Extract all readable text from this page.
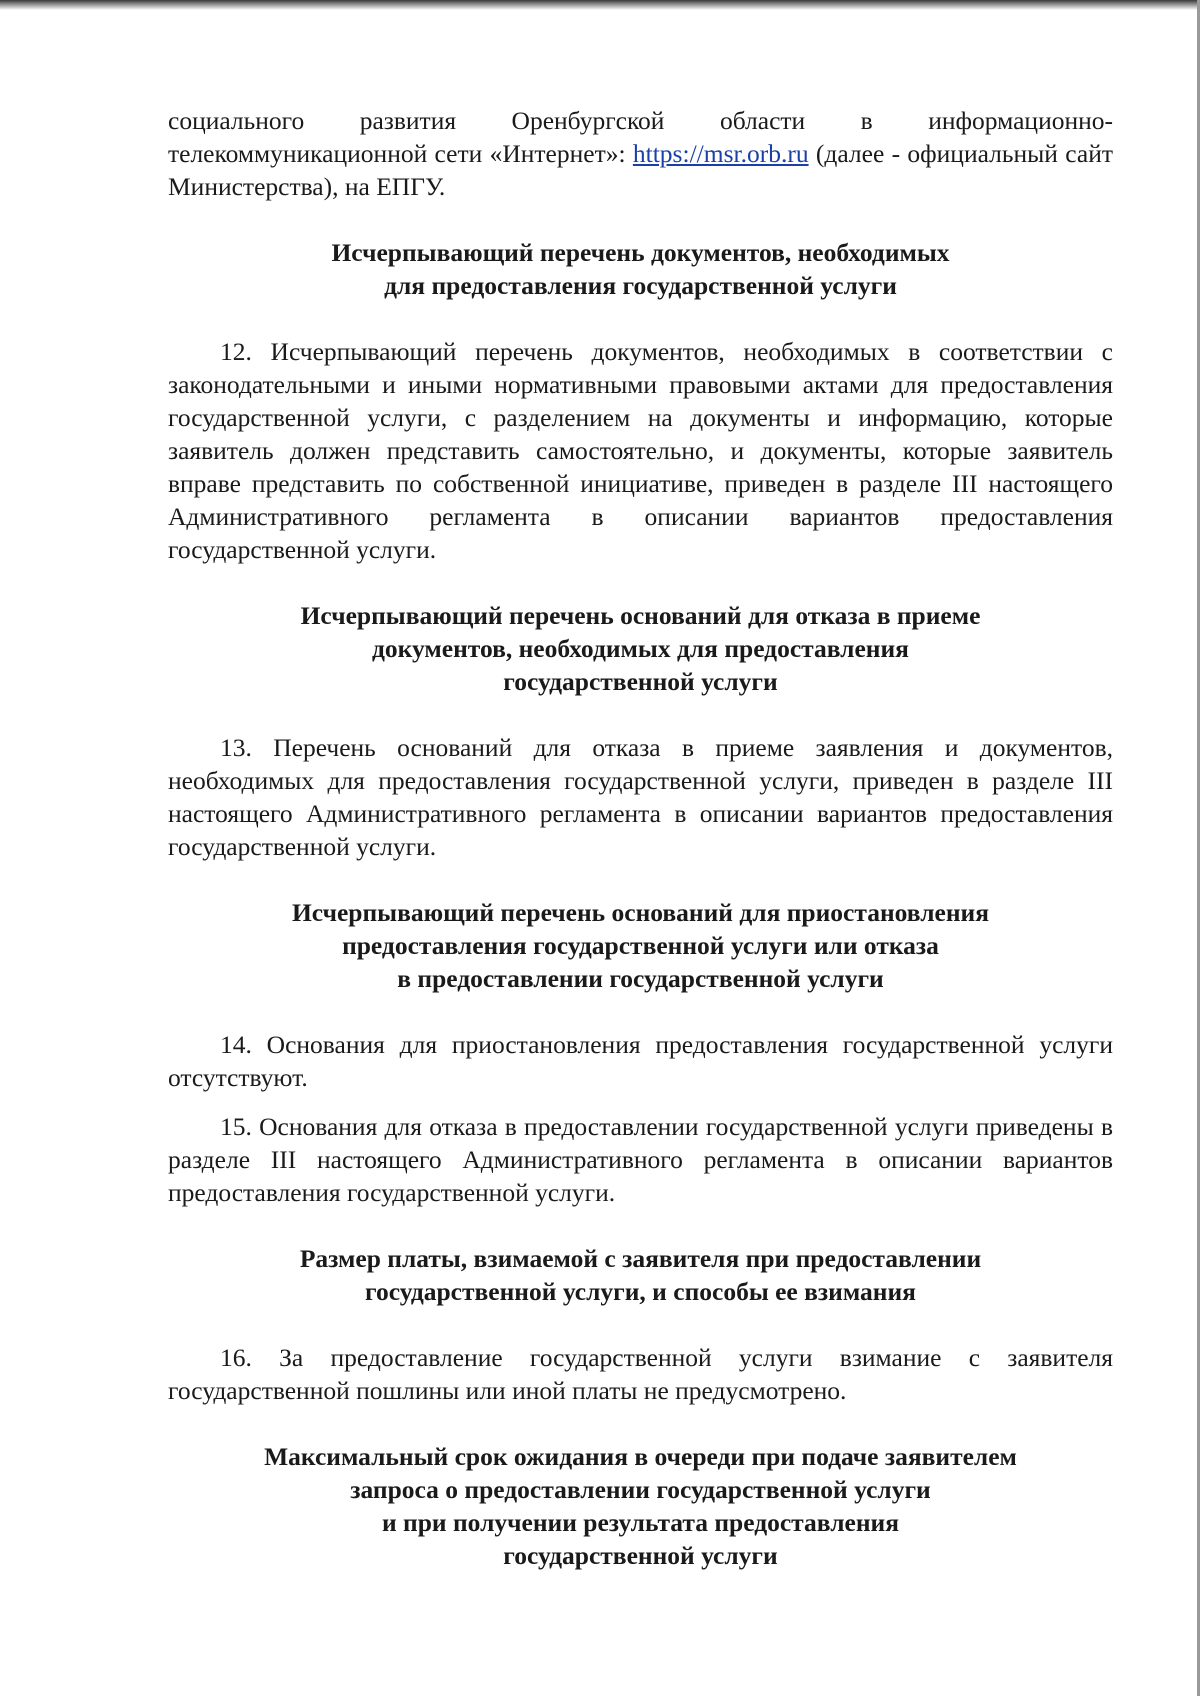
социального развития Оренбургской области в информационно-телекоммуникационной сети «Интернет»: https://msr.orb.ru (далее - официальный сайт Министерства), на ЕПГУ.

Исчерпывающий перечень документов, необходимых
для предоставления государственной услуги

12. Исчерпывающий перечень документов, необходимых в соответствии с законодательными и иными нормативными правовыми актами для предоставления государственной услуги, с разделением на документы и информацию, которые заявитель должен представить самостоятельно, и документы, которые заявитель вправе представить по собственной инициативе, приведен в разделе III настоящего Административного регламента в описании вариантов предоставления государственной услуги.

Исчерпывающий перечень оснований для отказа в приеме
документов, необходимых для предоставления
государственной услуги

13. Перечень оснований для отказа в приеме заявления и документов, необходимых для предоставления государственной услуги, приведен в разделе III настоящего Административного регламента в описании вариантов предоставления государственной услуги.

Исчерпывающий перечень оснований для приостановления
предоставления государственной услуги или отказа
в предоставлении государственной услуги

14. Основания для приостановления предоставления государственной услуги отсутствуют.

15. Основания для отказа в предоставлении государственной услуги приведены в разделе III настоящего Административного регламента в описании вариантов предоставления государственной услуги.

Размер платы, взимаемой с заявителя при предоставлении
государственной услуги, и способы ее взимания

16. За предоставление государственной услуги взимание с заявителя государственной пошлины или иной платы не предусмотрено.

Максимальный срок ожидания в очереди при подаче заявителем
запроса о предоставлении государственной услуги
и при получении результата предоставления
государственной услуги
